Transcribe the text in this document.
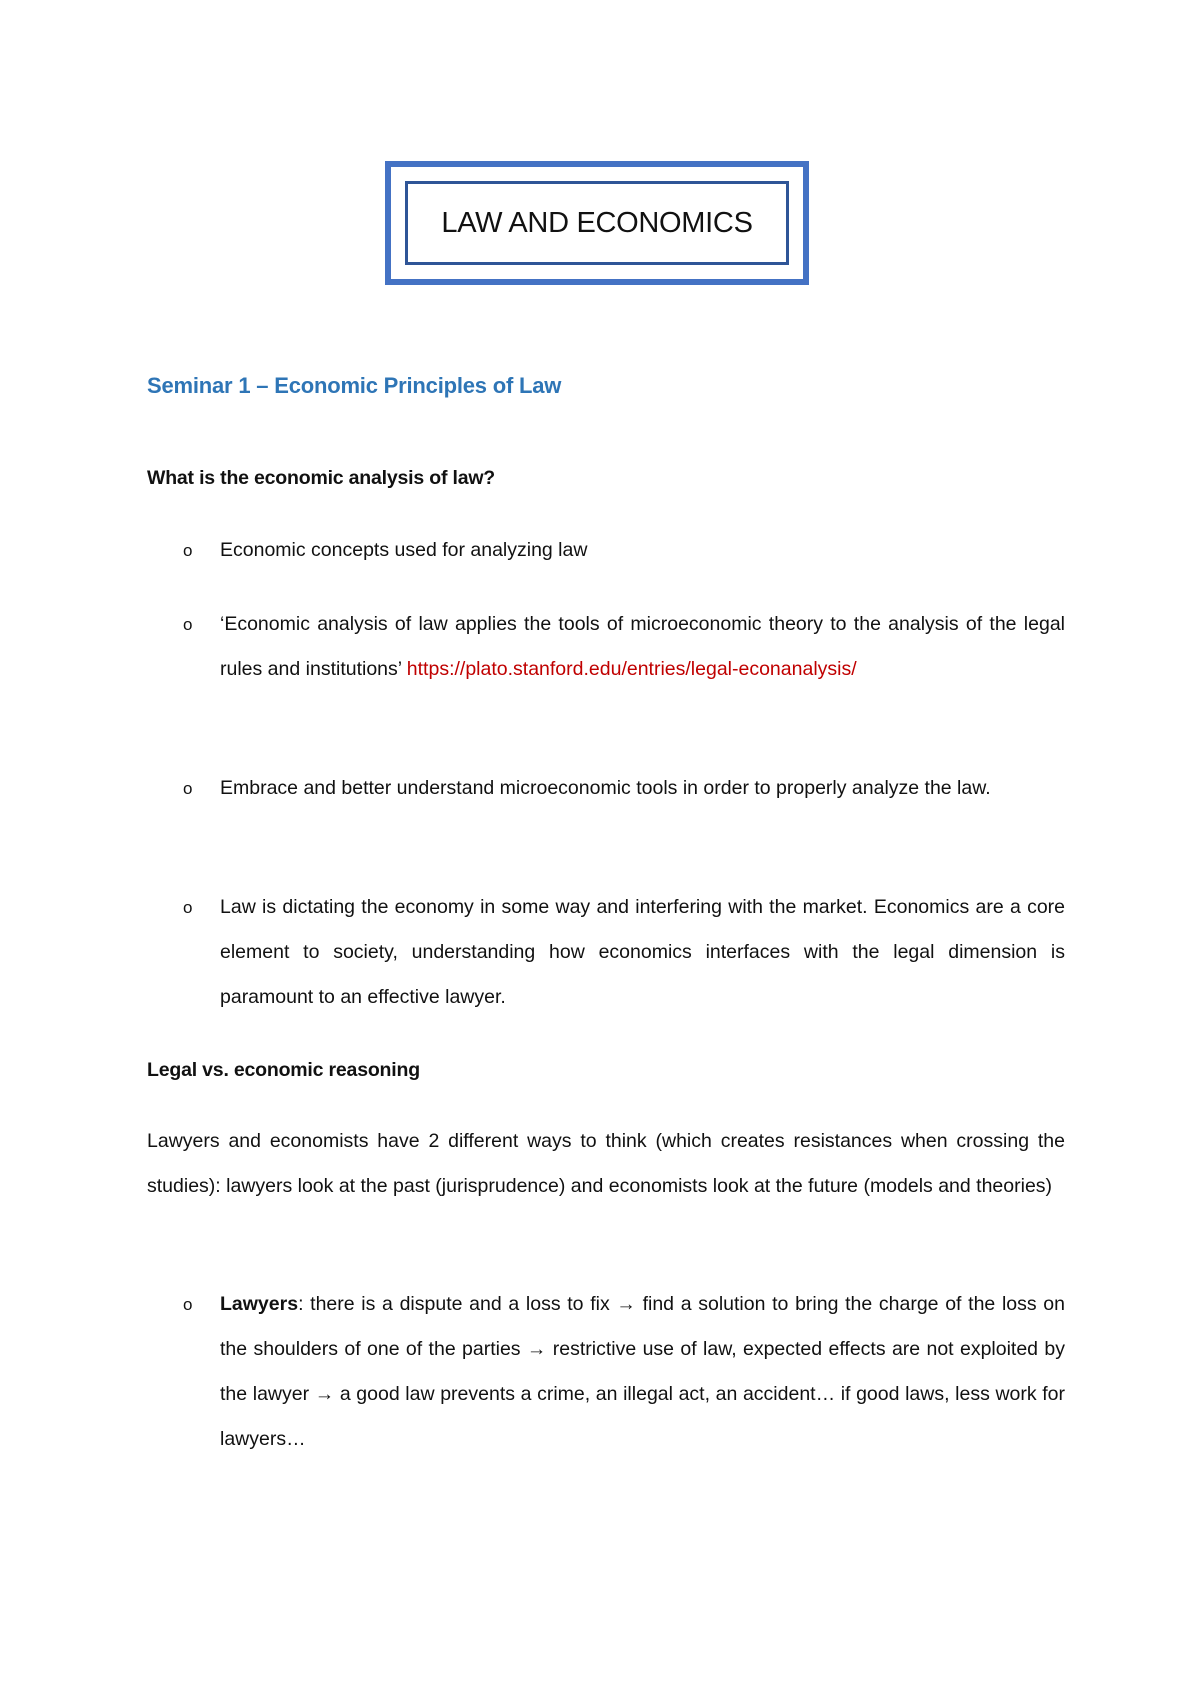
LAW AND ECONOMICS
Seminar 1 – Economic Principles of Law
What is the economic analysis of law?
o Economic concepts used for analyzing law
o ‘Economic analysis of law applies the tools of microeconomic theory to the analysis of the legal rules and institutions’ https://plato.stanford.edu/entries/legal-econanalysis/
o Embrace and better understand microeconomic tools in order to properly analyze the law.
o Law is dictating the economy in some way and interfering with the market. Economics are a core element to society, understanding how economics interfaces with the legal dimension is paramount to an effective lawyer.
Legal vs. economic reasoning
Lawyers and economists have 2 different ways to think (which creates resistances when crossing the studies): lawyers look at the past (jurisprudence) and economists look at the future (models and theories)
o Lawyers: there is a dispute and a loss to fix → find a solution to bring the charge of the loss on the shoulders of one of the parties → restrictive use of law, expected effects are not exploited by the lawyer → a good law prevents a crime, an illegal act, an accident… if good laws, less work for lawyers…
